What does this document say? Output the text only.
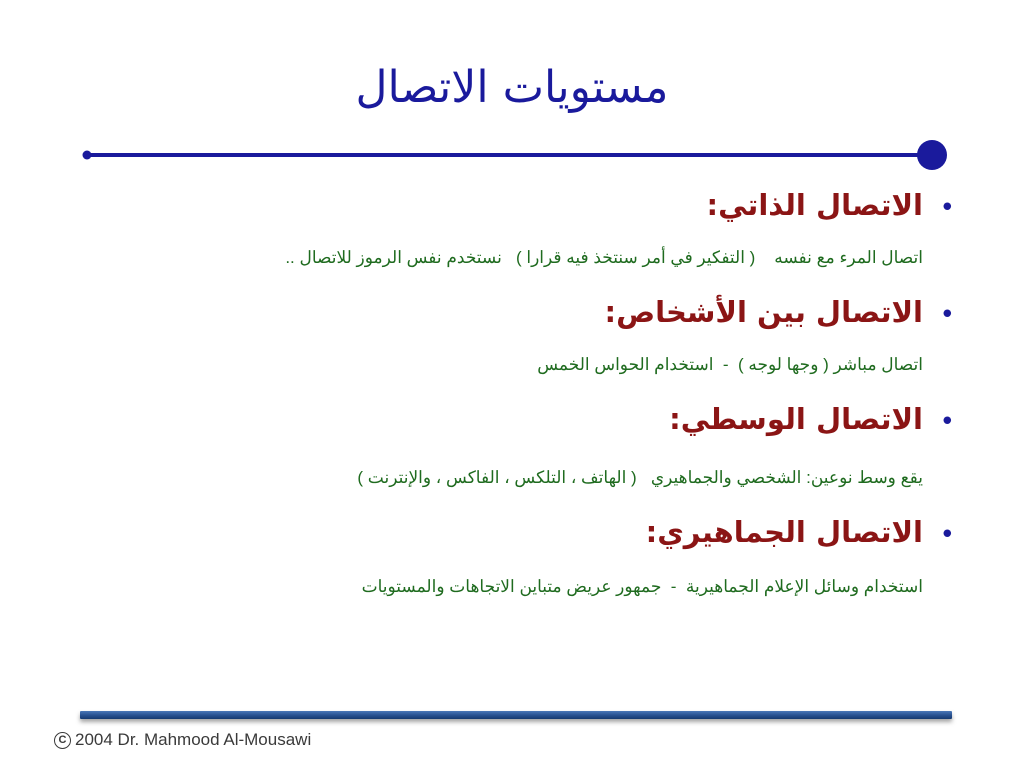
مستويات الاتصال
•
الاتصال الذاتي:

اتصال المرء مع نفسه    ( التفكير في أمر سنتخذ فيه قرارا )   نستخدم نفس الرموز للاتصال ..

•
الاتصال بين الأشخاص:

اتصال مباشر ( وجها لوجه )  -  استخدام الحواس الخمس

•
الاتصال الوسطي:

يقع وسط نوعين: الشخصي والجماهيري   ( الهاتف ، التلكس ، الفاكس ، والإنترنت )

•
الاتصال الجماهيري:

استخدام وسائل الإعلام الجماهيرية  -  جمهور عريض متباين الاتجاهات والمستويات

C 2004 Dr. Mahmood Al-Mousawi
